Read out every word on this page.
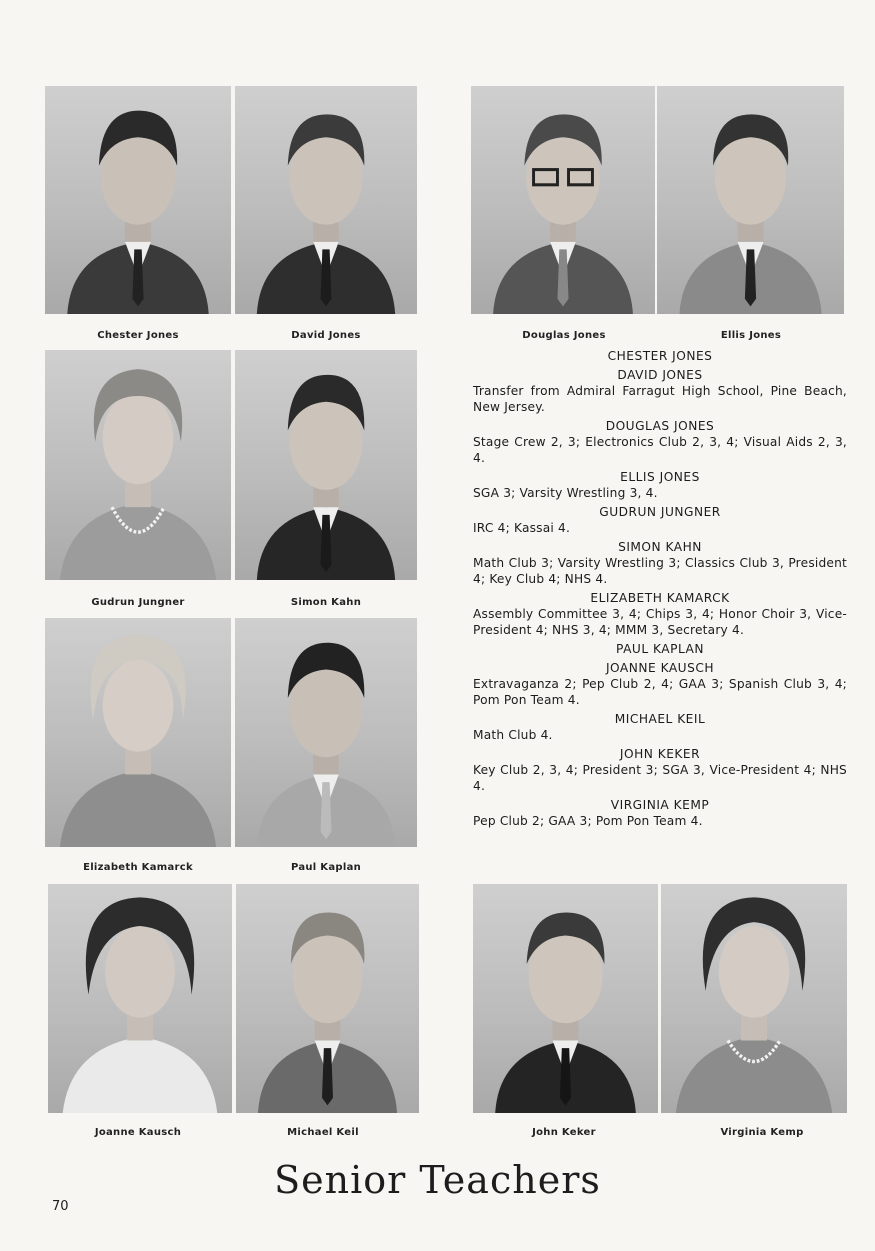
Chester Jones	David Jones	Douglas Jones	Ellis Jones
Gudrun Jungner	Simon Kahn
Elizabeth Kamarck	Paul Kaplan
Joanne Kausch	Michael Keil	John Keker	Virginia Kemp
CHESTER JONES
DAVID JONES
Transfer from Admiral Farragut High School, Pine Beach, New Jersey.
DOUGLAS JONES
Stage Crew 2, 3; Electronics Club 2, 3, 4; Visual Aids 2, 3, 4.
ELLIS JONES
SGA 3; Varsity Wrestling 3, 4.
GUDRUN JUNGNER
IRC 4; Kassai 4.
SIMON KAHN
Math Club 3; Varsity Wrestling 3; Classics Club 3, President 4; Key Club 4; NHS 4.
ELIZABETH KAMARCK
Assembly Committee 3, 4; Chips 3, 4; Honor Choir 3, Vice-President 4; NHS 3, 4; MMM 3, Secretary 4.
PAUL KAPLAN
JOANNE KAUSCH
Extravaganza 2; Pep Club 2, 4; GAA 3; Spanish Club 3, 4; Pom Pon Team 4.
MICHAEL KEIL
Math Club 4.
JOHN KEKER
Key Club 2, 3, 4; President 3; SGA 3, Vice-President 4; NHS 4.
VIRGINIA KEMP
Pep Club 2; GAA 3; Pom Pon Team 4.
Senior Teachers
70
